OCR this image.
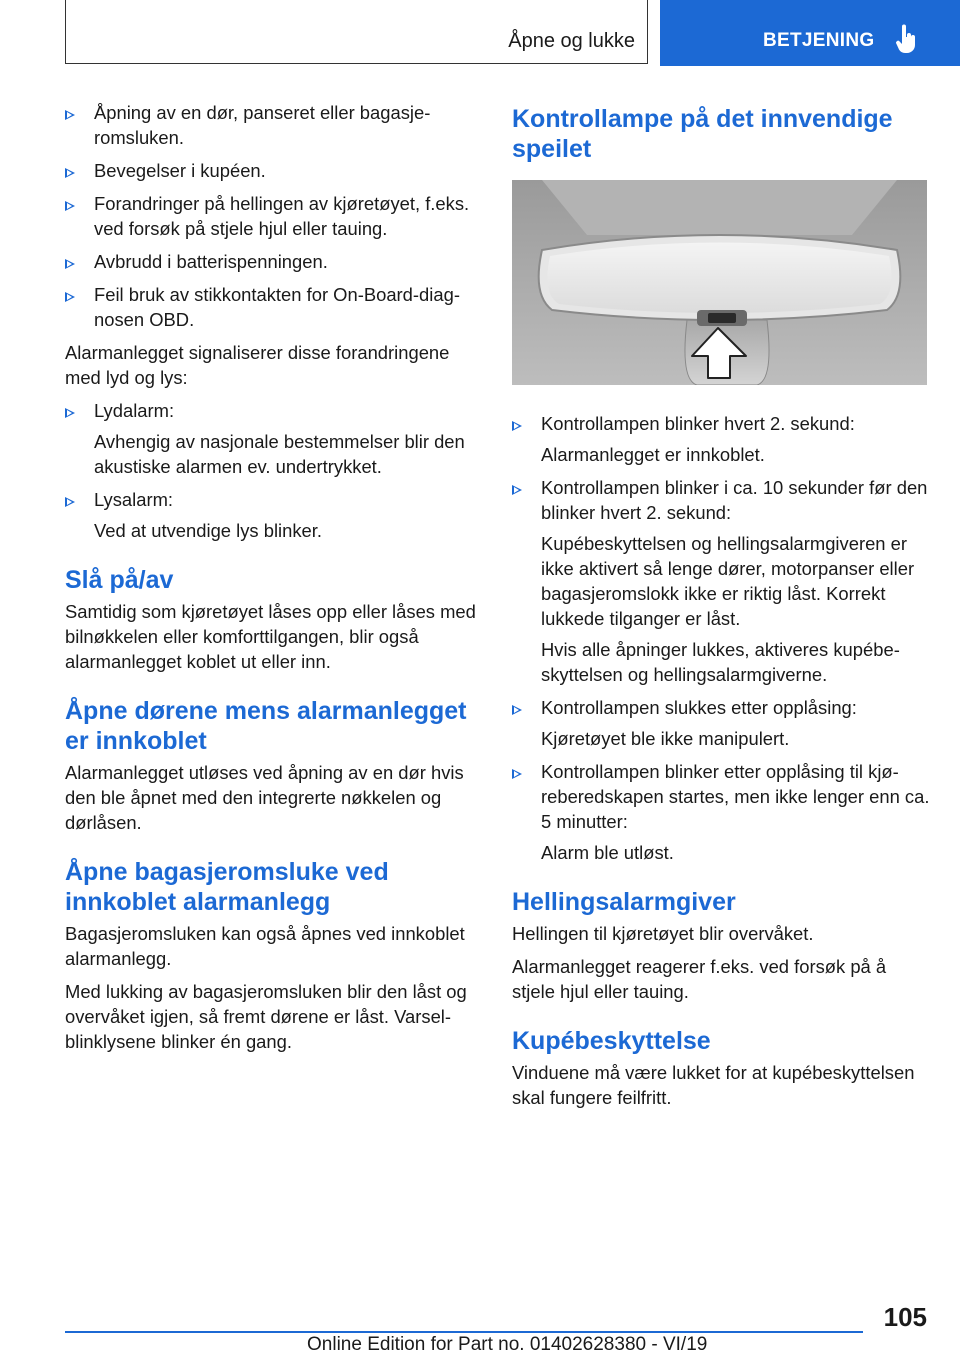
Åpne og lukke	BETJENING
Åpning av en dør, panseret eller bagasjeromsluken.
Bevegelser i kupéen.
Forandringer på hellingen av kjøretøyet, f.eks. ved forsøk på stjele hjul eller tauing.
Avbrudd i batterispenningen.
Feil bruk av stikkontakten for On-Board-diagnosen OBD.

Alarmanlegget signaliserer disse forandringene med lyd og lys:

Lydalarm:
Avhengig av nasjonale bestemmelser blir den akustiske alarmen ev. undertrykket.
Lysalarm:
Ved at utvendige lys blinker.
Slå på/av

Samtidig som kjøretøyet låses opp eller låses med bilnøkkelen eller komforttilgangen, blir også alarmanlegget koblet ut eller inn.

Åpne dørene mens alarmanlegget er innkoblet

Alarmanlegget utløses ved åpning av en dør hvis den ble åpnet med den integrerte nøkkelen og dørlåsen.

Åpne bagasjeromsluke ved innkoblet alarmanlegg

Bagasjeromsluken kan også åpnes ved innkoblet alarmanlegg.

Med lukking av bagasjeromsluken blir den låst og overvåket igjen, så fremt dørene er låst. Varselblinklysene blinker én gang.

Kontrollampe på det innvendige speilet
Kontrollampen blinker hvert 2. sekund:
Alarmanlegget er innkoblet.
Kontrollampen blinker i ca. 10 sekunder før den blinker hvert 2. sekund:
Kupébeskyttelsen og hellingsalarmgiveren er ikke aktivert så lenge dører, motorpanser eller bagasjeromslokk ikke er riktig låst. Korrekt lukkede tilganger er låst.
Hvis alle åpninger lukkes, aktiveres kupébeskyttelsen og hellingsalarmgiverne.
Kontrollampen slukkes etter opplåsing:
Kjøretøyet ble ikke manipulert.
Kontrollampen blinker etter opplåsing til kjøreberedskapen startes, men ikke lenger enn ca. 5 minutter:
Alarm ble utløst.
Hellingsalarmgiver

Hellingen til kjøretøyet blir overvåket.

Alarmanlegget reagerer f.eks. ved forsøk på å stjele hjul eller tauing.

Kupébeskyttelse

Vinduene må være lukket for at kupébeskyttelsen skal fungere feilfritt.

105
Online Edition for Part no. 01402628380 - VI/19
